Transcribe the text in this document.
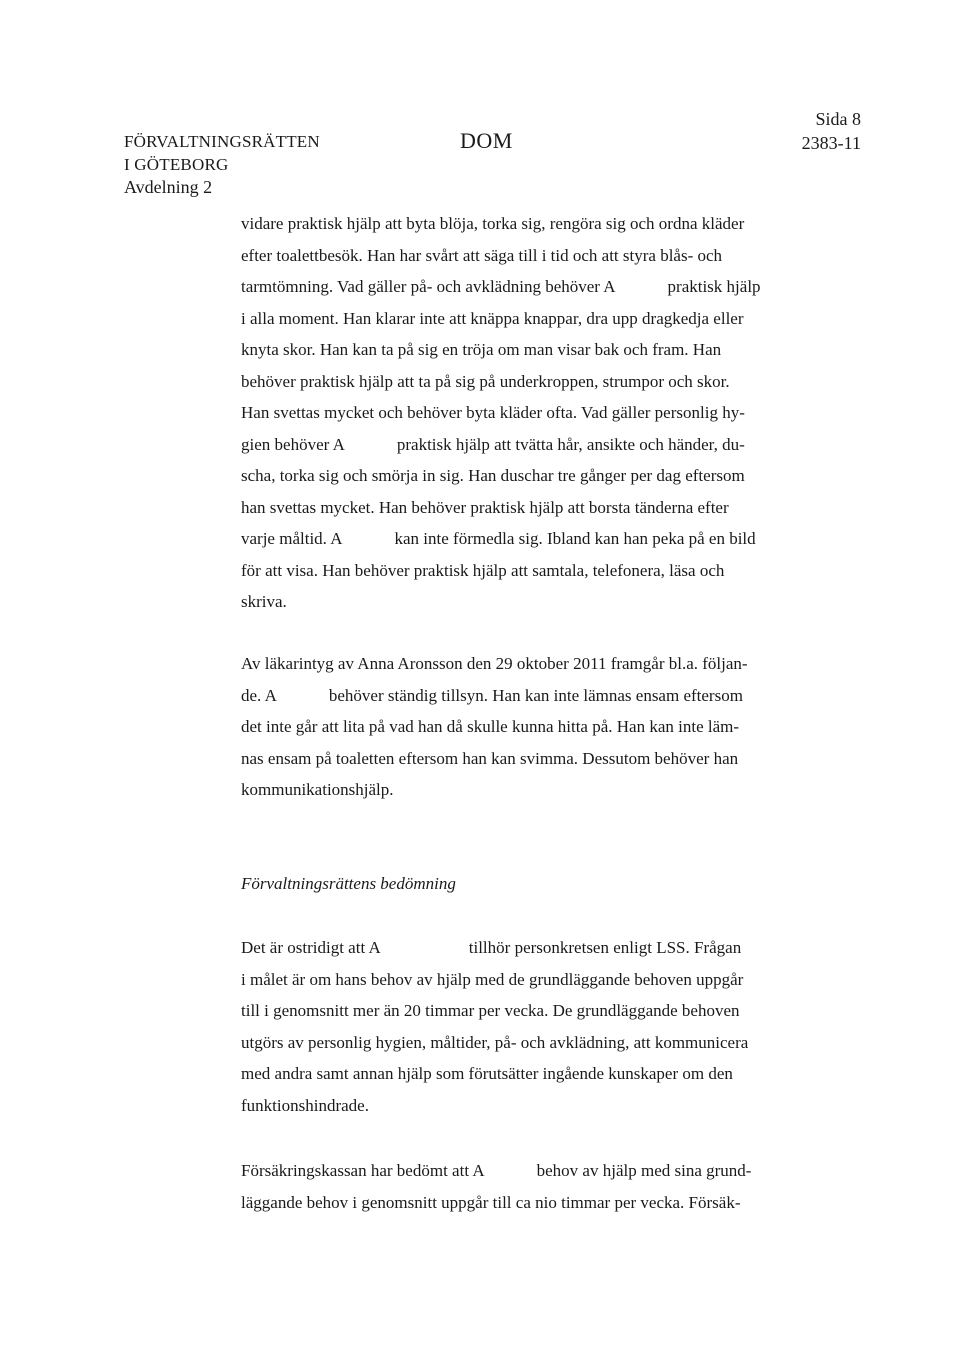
FÖRVALTNINGSRÄTTEN
I GÖTEBORG
Avdelning 2
DOM
Sida 8
2383-11
vidare praktisk hjälp att byta blöja, torka sig, rengöra sig och ordna kläder
efter toalettbesök. Han har svårt att säga till i tid och att styra blås- och
tarmtömning. Vad gäller på- och avklädning behöver A	praktisk hjälp
i alla moment. Han klarar inte att knäppa knappar, dra upp dragkedja eller
knyta skor. Han kan ta på sig en tröja om man visar bak och fram. Han
behöver praktisk hjälp att ta på sig på underkroppen, strumpor och skor.
Han svettas mycket och behöver byta kläder ofta. Vad gäller personlig hy-
gien behöver A	praktisk hjälp att tvätta hår, ansikte och händer, du-
scha, torka sig och smörja in sig. Han duschar tre gånger per dag eftersom
han svettas mycket. Han behöver praktisk hjälp att borsta tänderna efter
varje måltid. A	kan inte förmedla sig. Ibland kan han peka på en bild
för att visa. Han behöver praktisk hjälp att samtala, telefonera, läsa och
skriva.
Av läkarintyg av Anna Aronsson den 29 oktober 2011 framgår bl.a. följan-
de. A	behöver ständig tillsyn. Han kan inte lämnas ensam eftersom
det inte går att lita på vad han då skulle kunna hitta på. Han kan inte läm-
nas ensam på toaletten eftersom han kan svimma. Dessutom behöver han
kommunikationshjälp.
Förvaltningsrättens bedömning
Det är ostridigt att A	tillhör personkretsen enligt LSS. Frågan
i målet är om hans behov av hjälp med de grundläggande behoven uppgår
till i genomsnitt mer än 20 timmar per vecka. De grundläggande behoven
utgörs av personlig hygien, måltider, på- och avklädning, att kommunicera
med andra samt annan hjälp som förutsätter ingående kunskaper om den
funktionshindrade.
Försäkringskassan har bedömt att A	behov av hjälp med sina grund-
läggande behov i genomsnitt uppgår till ca nio timmar per vecka. Försäk-
